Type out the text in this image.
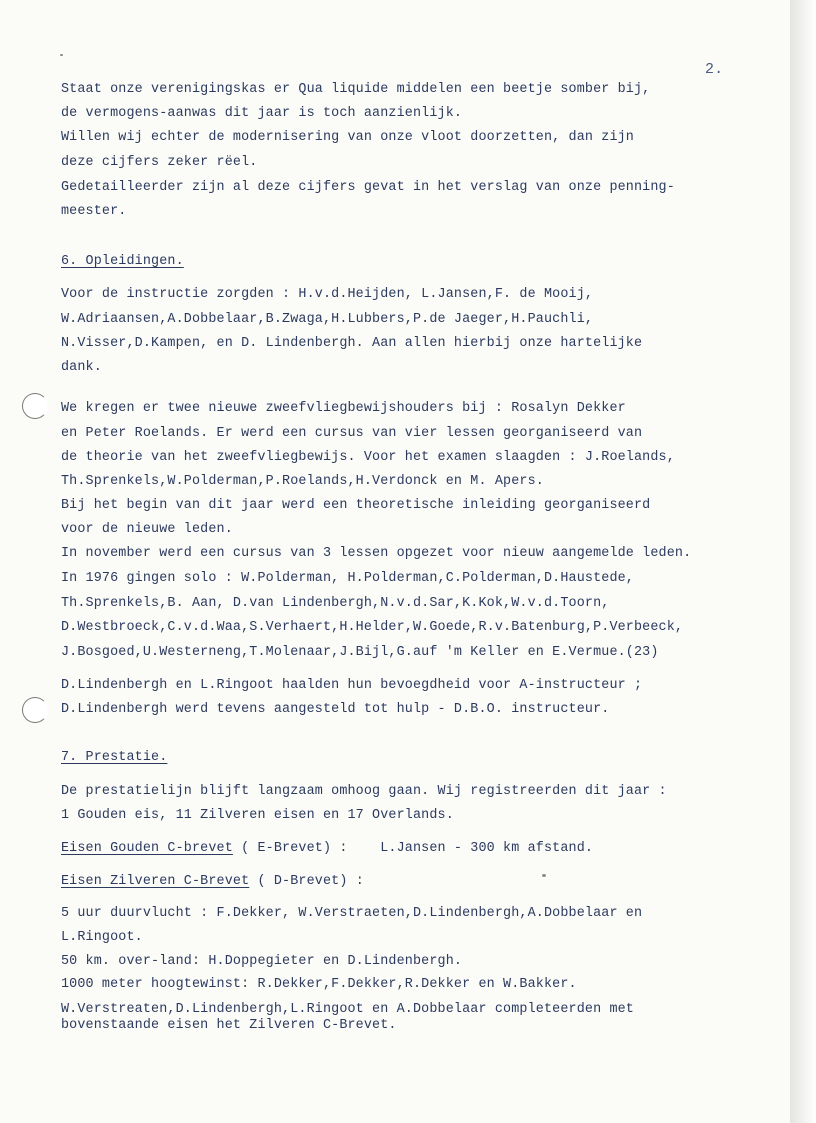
2.
Staat onze verenigingskas er Qua liquide middelen een beetje somber bij,
de vermogens-aanwas dit jaar is toch aanzienlijk.
Willen wij echter de modernisering van onze vloot doorzetten, dan zijn
deze cijfers zeker rëel.
Gedetailleerder zijn al deze cijfers gevat in het verslag van onze penning-
meester.
6. Opleidingen.
Voor de instructie zorgden : H.v.d.Heijden, L.Jansen,F. de Mooij,
W.Adriaansen,A.Dobbelaar,B.Zwaga,H.Lubbers,P.de Jaeger,H.Pauchli,
N.Visser,D.Kampen, en D. Lindenbergh. Aan allen hierbij onze hartelijke
dank.
We kregen er twee nieuwe zweefvliegbewijshouders bij : Rosalyn Dekker
en Peter Roelands. Er werd een cursus van vier lessen georganiseerd van
de theorie van het zweefvliegbewijs. Voor het examen slaagden : J.Roelands,
Th.Sprenkels,W.Polderman,P.Roelands,H.Verdonck en M. Apers.
Bij het begin van dit jaar werd een theoretische inleiding georganiseerd
voor de nieuwe leden.
In november werd een cursus van 3 lessen opgezet voor nieuw aangemelde leden.
In 1976 gingen solo : W.Polderman, H.Polderman,C.Polderman,D.Haustede,
Th.Sprenkels,B. Aan, D.van Lindenbergh,N.v.d.Sar,K.Kok,W.v.d.Toorn,
D.Westbroeck,C.v.d.Waa,S.Verhaert,H.Helder,W.Goede,R.v.Batenburg,P.Verbeeck,
J.Bosgoed,U.Westerneng,T.Molenaar,J.Bijl,G.auf 'm Keller en E.Vermue.(23)
D.Lindenbergh en L.Ringoot haalden hun bevoegdheid voor A-instructeur ;
D.Lindenbergh werd tevens aangesteld tot hulp - D.B.O. instructeur.
7. Prestatie.
De prestatielijn blijft langzaam omhoog gaan. Wij registreerden dit jaar :
1 Gouden eis, 11 Zilveren eisen en 17 Overlands.
Eisen Gouden C-brevet ( E-Brevet) :    L.Jansen - 300 km afstand.
Eisen Zilveren C-Brevet ( D-Brevet) :
5 uur duurvlucht : F.Dekker, W.Verstraeten,D.Lindenbergh,A.Dobbelaar en
L.Ringoot.
50 km. over-land: H.Doppegieter en D.Lindenbergh.
1000 meter hoogtewinst: R.Dekker,F.Dekker,R.Dekker en W.Bakker.
W.Verstreaten,D.Lindenbergh,L.Ringoot en A.Dobbelaar completeerden met
bovenstaande eisen het Zilveren C-Brevet.
